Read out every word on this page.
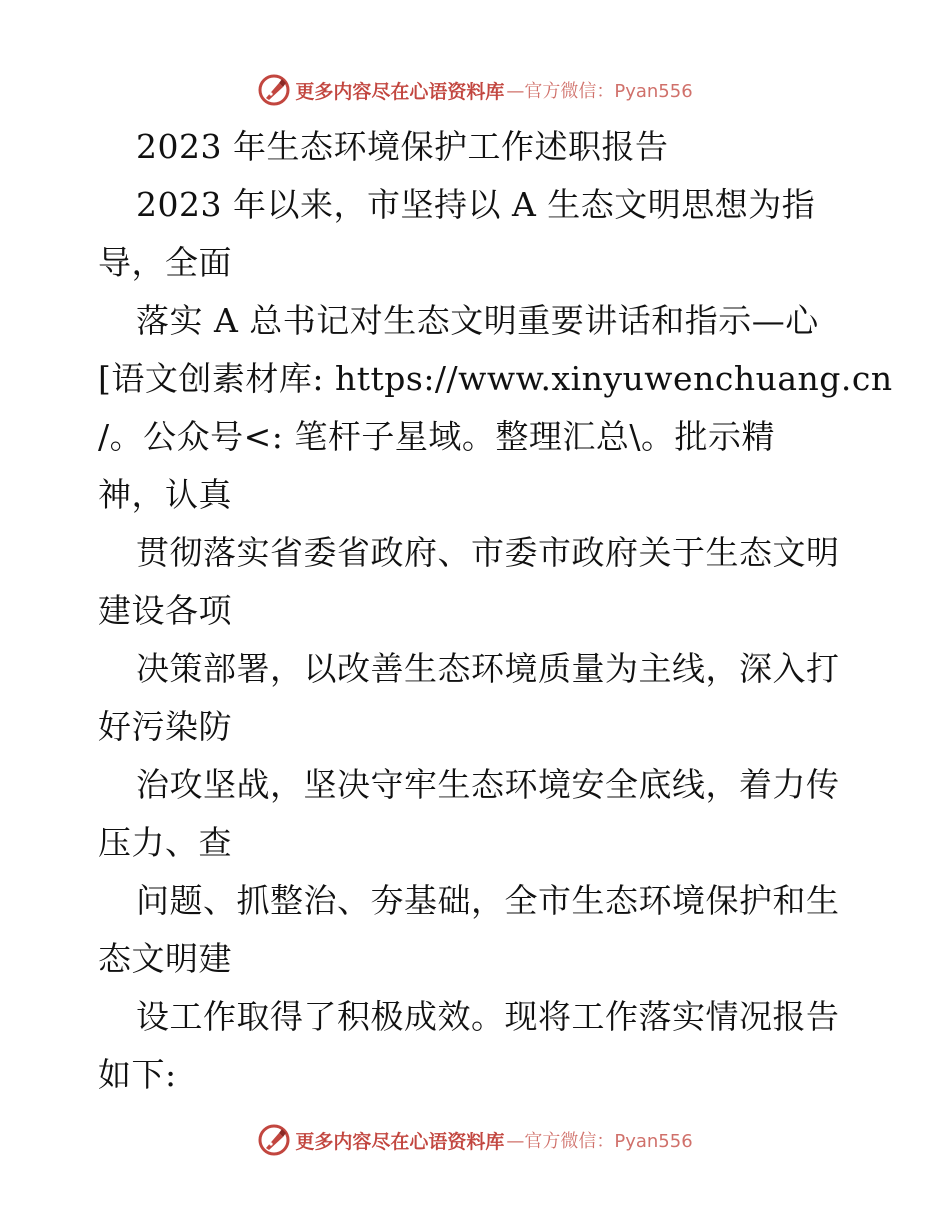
更多内容尽在心语资料库 —官方微信：Pyan556
2023 年生态环境保护工作述职报告
2023 年以来，市坚持以 A 生态文明思想为指
导，全面
落实 A 总书记对生态文明重要讲话和指示—心
[语文创素材库: https://www.xinyuwenchuang.cn
/。公众号<: 笔杆子星域。整理汇总\。批示精
神，认真
贯彻落实省委省政府、市委市政府关于生态文明
建设各项
决策部署，以改善生态环境质量为主线，深入打
好污染防
治攻坚战，坚决守牢生态环境安全底线，着力传
压力、查
问题、抓整治、夯基础，全市生态环境保护和生
态文明建
设工作取得了积极成效。现将工作落实情况报告
如下:
更多内容尽在心语资料库 —官方微信：Pyan556
